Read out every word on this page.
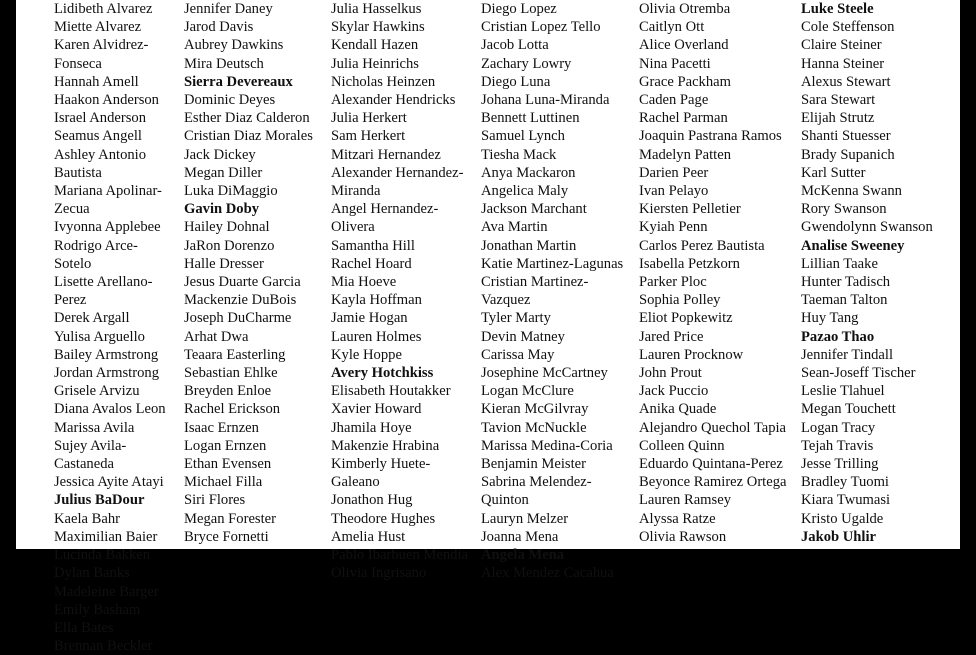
Lidibeth Alvarez
Miette Alvarez
Karen Alvidrez-Fonseca
Hannah Amell
Haakon Anderson
Israel Anderson
Seamus Angell
Ashley Antonio Bautista
Mariana Apolinar-Zecua
Ivyonna Applebee
Rodrigo Arce-Sotelo
Lisette Arellano-Perez
Derek Argall
Yulisa Arguello
Bailey Armstrong
Jordan Armstrong
Grisele Arvizu
Diana Avalos Leon
Marissa Avila
Sujey Avila-Castaneda
Jessica Ayite Atayi
Julius BaDour
Kaela Bahr
Maximilian Baier
Lucinda Bakken
Dylan Banks
Madeleine Barger
Emily Basham
Ella Bates
Brennan Beckler
Jennifer Daney
Jarod Davis
Aubrey Dawkins
Mira Deutsch
Sierra Devereaux
Dominic Deyes
Esther Diaz Calderon
Cristian Diaz Morales
Jack Dickey
Megan Diller
Luka DiMaggio
Gavin Doby
Hailey Dohnal
JaRon Dorenzo
Halle Dresser
Jesus Duarte Garcia
Mackenzie DuBois
Joseph DuCharme
Arhat Dwa
Teaara Easterling
Sebastian Ehlke
Breyden Enloe
Rachel Erickson
Isaac Ernzen
Logan Ernzen
Ethan Evensen
Michael Filla
Siri Flores
Megan Forester
Bryce Fornetti
Julia Hasselkus
Skylar Hawkins
Kendall Hazen
Julia Heinrichs
Nicholas Heinzen
Alexander Hendricks
Julia Herkert
Sam Herkert
Mitzari Hernandez
Alexander Hernandez-Miranda
Angel Hernandez-Olivera
Samantha Hill
Rachel Hoard
Mia Hoeve
Kayla Hoffman
Jamie Hogan
Lauren Holmes
Kyle Hoppe
Avery Hotchkiss
Elisabeth Houtakker
Xavier Howard
Jhamila Hoye
Makenzie Hrabina
Kimberly Huete-Galeano
Jonathon Hug
Theodore Hughes
Amelia Hust
Pablo Ibarbuen Mendia
Olivia Ingrisano
Diego Lopez
Cristian Lopez Tello
Jacob Lotta
Zachary Lowry
Diego Luna
Johana Luna-Miranda
Bennett Luttinen
Samuel Lynch
Tiesha Mack
Anya Mackaron
Angelica Maly
Jackson Marchant
Ava Martin
Jonathan Martin
Katie Martinez-Lagunas
Cristian Martinez-Vazquez
Tyler Marty
Devin Matney
Carissa May
Josephine McCartney
Logan McClure
Kieran McGilvray
Tavion McNuckle
Marissa Medina-Coria
Benjamin Meister
Sabrina Melendez-Quinton
Lauryn Melzer
Joanna Mena
Angela Mena
Alex Mendez Cacahua
Olivia Otremba
Caitlyn Ott
Alice Overland
Nina Pacetti
Grace Packham
Caden Page
Rachel Parman
Joaquin Pastrana Ramos
Madelyn Patten
Darien Peer
Ivan Pelayo
Kiersten Pelletier
Kyiah Penn
Carlos Perez Bautista
Isabella Petzkorn
Parker Ploc
Sophia Polley
Eliot Popkewitz
Jared Price
Lauren Procknow
John Prout
Jack Puccio
Anika Quade
Alejandro Quechol Tapia
Colleen Quinn
Eduardo Quintana-Perez
Beyonce Ramirez Ortega
Lauren Ramsey
Alyssa Ratze
Olivia Rawson
Luke Steele
Cole Steffenson
Claire Steiner
Hanna Steiner
Alexus Stewart
Sara Stewart
Elijah Strutz
Shanti Stuesser
Brady Supanich
Karl Sutter
McKenna Swann
Rory Swanson
Gwendolynn Swanson
Analise Sweeney
Lillian Taake
Hunter Tadisch
Taeman Talton
Huy Tang
Pazao Thao
Jennifer Tindall
Sean-Joseff Tischer
Leslie Tlahuel
Megan Touchett
Logan Tracy
Tejah Travis
Jesse Trilling
Bradley Tuomi
Kiara Twumasi
Kristo Ugalde
Jakob Uhlir
